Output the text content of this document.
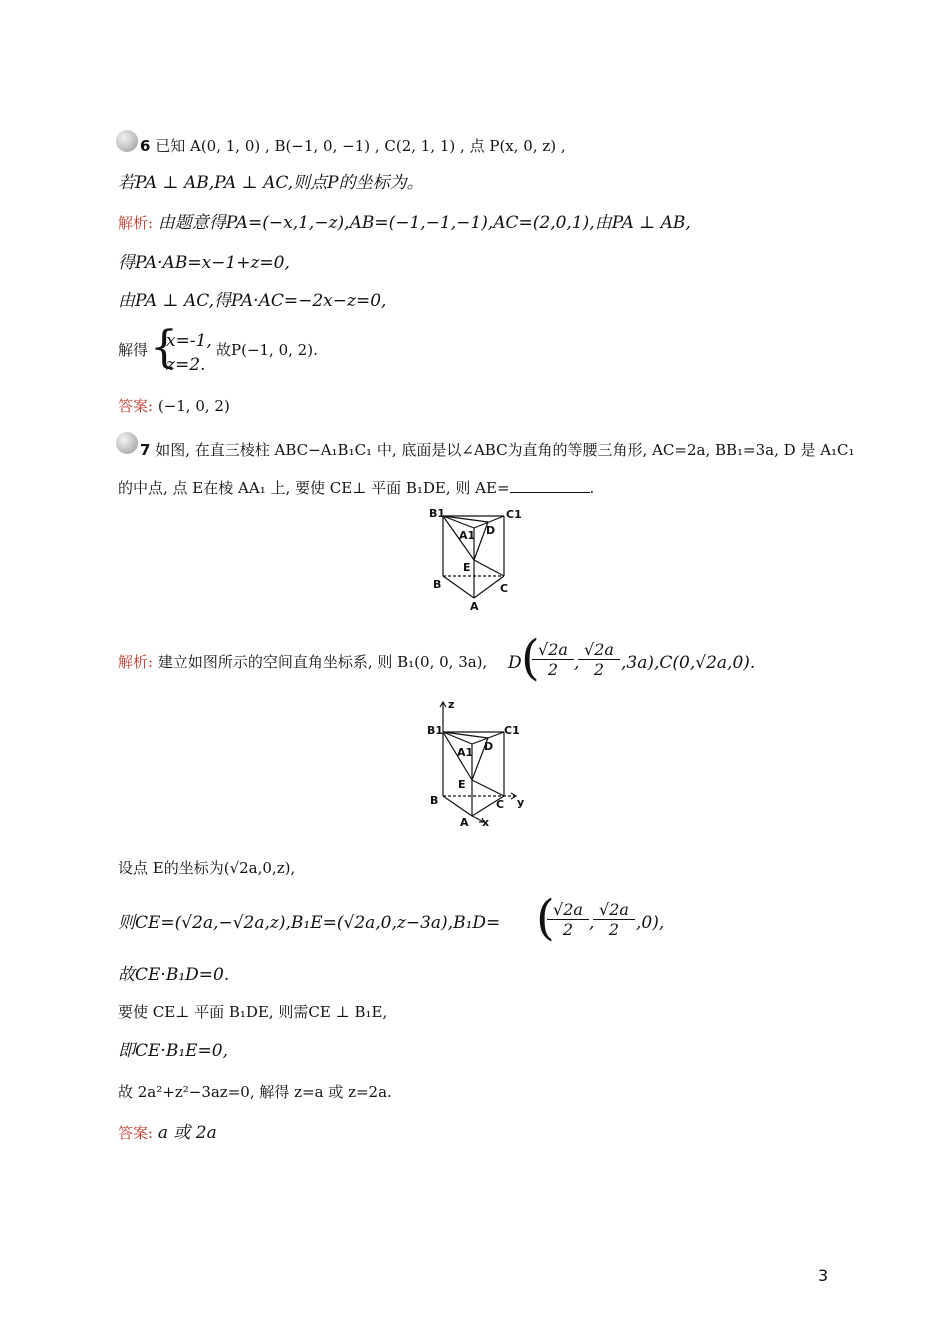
6 已知 A(0, 1, 0) , B(−1, 0, −1) , C(2, 1, 1) , 点 P(x, 0, z) ,
若PA ⊥ AB,PA ⊥ AC,则点P的坐标为。
解析: 由题意得PA=(−x,1,−z),AB=(−1,−1,−1),AC=(2,0,1),由PA ⊥ AB,
得PA·AB=x−1+z=0,
由PA ⊥ AC,得PA·AC=−2x−z=0,
解得 {
x=-1,
z=2.
故P(−1, 0, 2).
答案: (−1, 0, 2)
7 如图, 在直三棱柱 ABC−A₁B₁C₁ 中, 底面是以∠ABC为直角的等腰三角形, AC=2a, BB₁=3a, D 是 A₁C₁
的中点, 点 E在棱 AA₁ 上, 要使 CE⊥ 平面 B₁DE, 则 AE=	.
B1	C1
A1 D
E
B	C
A
解析: 建立如图所示的空间直角坐标系, 则 B₁(0, 0, 3a), D (
$\frac{√2a}{2}$ ,
$\frac{√2a}{2} ,3a),C(0,√2a,0)$.
z
B1	C1
A1 D
E
B	C y
A x
设点 E的坐标为(√2a,0,z),
则CE=(√2a,−√2a,z),B₁E=(√2a,0,z−3a),B₁D= (
$\frac{√2a}{2}$ ,
$\frac{√2a}{2} ,0$),
故CE·B₁D=0.
要使 CE⊥ 平面 B₁DE, 则需CE ⊥ B₁E,
即CE·B₁E=0,
故 2a²+z²−3az=0, 解得 z=a 或 z=2a.
答案: a 或 2a
3
